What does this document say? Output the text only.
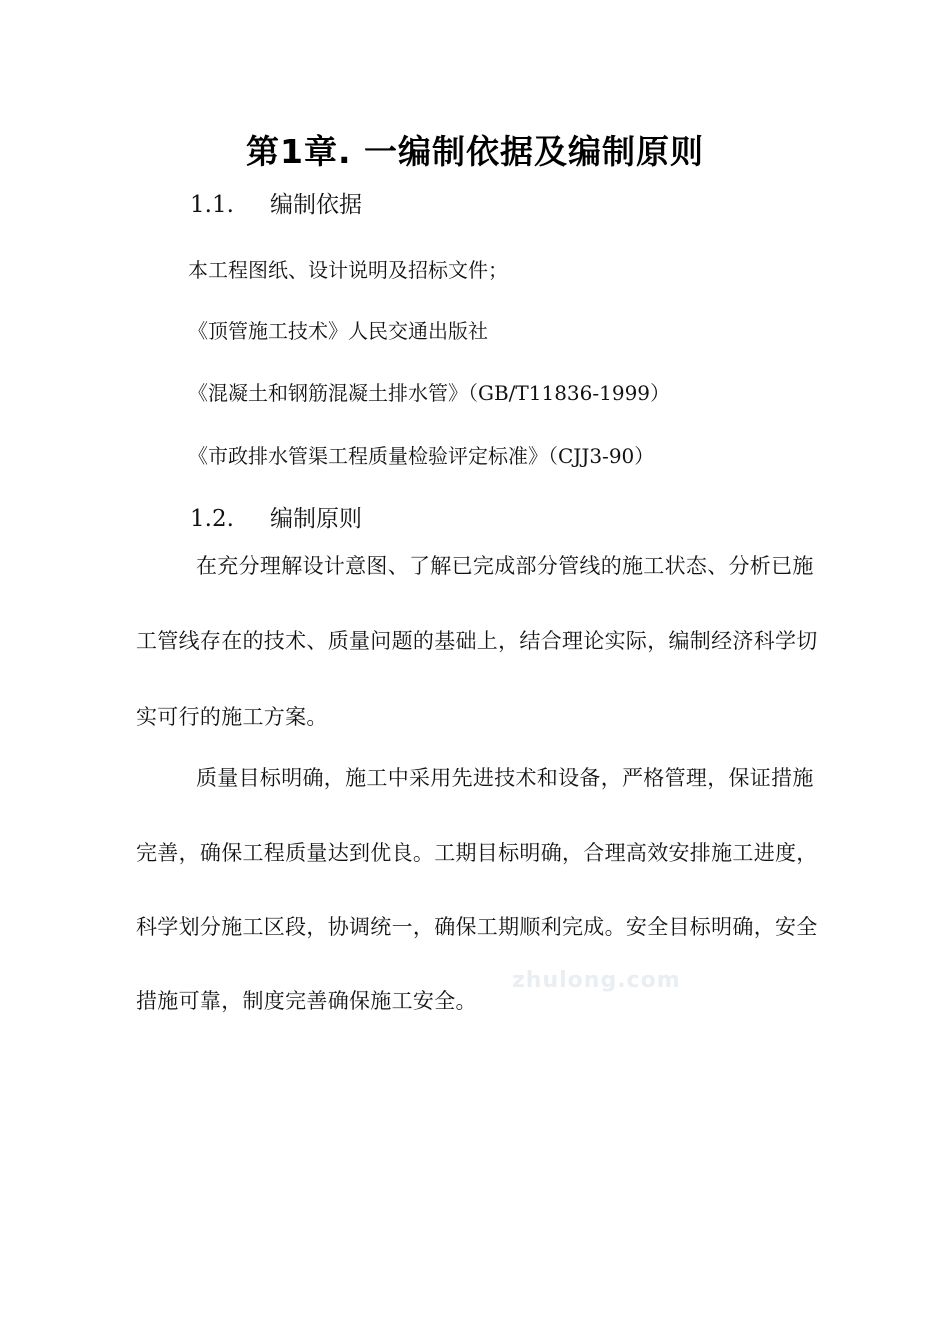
第1章. 一编制依据及编制原则
1.1. 编制依据

本工程图纸、设计说明及招标文件；

《顶管施工技术》人民交通出版社

《混凝土和钢筋混凝土排水管》（GB/T11836-1999）

《市政排水管渠工程质量检验评定标准》（CJJ3-90）

1.2. 编制原则

在充分理解设计意图、了解已完成部分管线的施工状态、分析已施

工管线存在的技术、质量问题的基础上，结合理论实际，编制经济科学切

实可行的施工方案。

质量目标明确，施工中采用先进技术和设备，严格管理，保证措施

完善，确保工程质量达到优良。工期目标明确，合理高效安排施工进度，

科学划分施工区段，协调统一，确保工期顺利完成。安全目标明确，安全

措施可靠，制度完善确保施工安全。

zhulong.com
